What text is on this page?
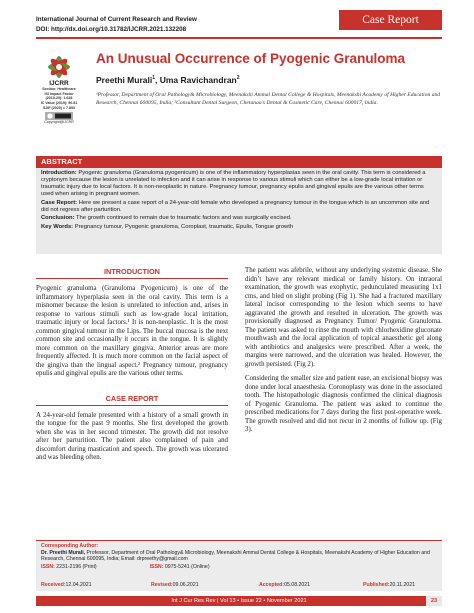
International Journal of Current Research and Review
DOI: http://dx.doi.org/10.31782/IJCRR.2021.132208
Case Report
IJCRR
Section: Healthcare
ISI Impact Factor
(2019-20): 1.628
IC Value (2019): 90.81
SJIF (2020) = 7.893
Copyright@IJCRR
An Unusual Occurrence of Pyogenic Granuloma
Preethi Murali$^1$, Uma Ravichandran$^2$
¹Professor, Department of Oral Pathology& Microbiology, Meenakshi Ammal Dental College & Hospitals, Meenakshi Academy of Higher Education and Research, Chennai 600095, India; ²Consultant Dental Surgeon, Chetanaa’s Dental & Cosmetic Care, Chennai 600017, India.
ABSTRACT

Introduction: Pyogenic granuloma (Granuloma pyogenicum) is one of the inflammatory hyperplasias seen in the oral cavity. This term is considered a cryptonym because the lesion is unrelated to infection and it can arise in response to various stimuli which can either be a low-grade local irritation or traumatic injury due to local factors. It is non-neoplastic in nature. Pregnancy tumour, pregnancy epulis and gingival epulis are the various other terms used when arising in pregnant women.

Case Report: Here we present a case report of a 24-year-old female who developed a pregnancy tumour in the tongue which is an uncommon site and did not regress after parturition.

Conclusion: The growth continued to remain due to traumatic factors and was surgically excised.

Key Words: Pregnancy tumour, Pyogenic granuloma, Coroplast, traumatic, Epulis, Tongue growth

INTRODUCTION

Pyogenic granuloma (Granuloma Pyogenicum) is one of the inflammatory hyperplasia seen in the oral cavity. This term is a misnomer because the lesion is unrelated to infection and, arises in response to various stimuli such as low-grade local irritation, traumatic injury or local factors.¹ It is non-neoplastic. It is the most common gingival tumour in the Lips. The buccal mucosa is the next common site and occasionally it occurs in the tongue. It is slightly more common on the maxillary gingiva. Anterior areas are more frequently affected. It is much more common on the facial aspect of the gingiva than the lingual aspect.² Pregnancy tumour, pregnancy epulis and gingival epulis are the various other terms.

CASE REPORT

A 24-year-old female presented with a history of a small growth in the tongue for the past 9 months. She first developed the growth when she was in her second trimester. The growth did not resolve after her parturition. The patient also complained of pain and discomfort during mastication and speech. The growth was ulcerated and was bleeding often.

The patient was afebrile, without any underlying systemic disease. She didn’t have any relevant medical or family history. On intraoral examination, the growth was exophytic, pedunculated measuring 1x1 cms, and bled on slight probing (Fig 1). She had a fractured maxillary lateral incisor corresponding to the lesion which seems to have aggravated the growth and resulted in ulceration. The growth was provisionally diagnosed as Pregnancy Tumor/ Pyogenic Granuloma. The patient was asked to rinse the mouth with chlorhexidine gluconate mouthwash and the local application of topical anaesthetic gel along with antibiotics and analgesics were prescribed. After a week, the margins were narrowed, and the ulceration was healed. However, the growth persisted. (Fig 2).

Considering the smaller size and patient ease, an excisional biopsy was done under local anaesthesia. Coronoplasty was done in the associated tooth. The histopathologic diagnosis confirmed the clinical diagnosis of Pyogenic Granuloma. The patient was asked to continue the prescribed medications for 7 days during the first post-operative week. The growth resolved and did not recur in 2 months of follow up. (Fig 3).

Corresponding Author:
Dr. Preethi Murali, Professor, Department of Oral Pathology& Microbiology, Meenakshi Ammal Dental College & Hospitals, Meenakshi Academy of Higher Education and Research, Chennai 600095, India; Email: drpreethy@gmail.com
ISSN: 2231-2196 (Print)	ISSN: 0975-5241 (Online)
Received: 12.04.2021	Revised: 09.06.2021	Accepted: 05.08.2021	Published: 20.11.2021
Int J Cur Res Rev | Vol 13 • Issue 22 • November 2021	23
